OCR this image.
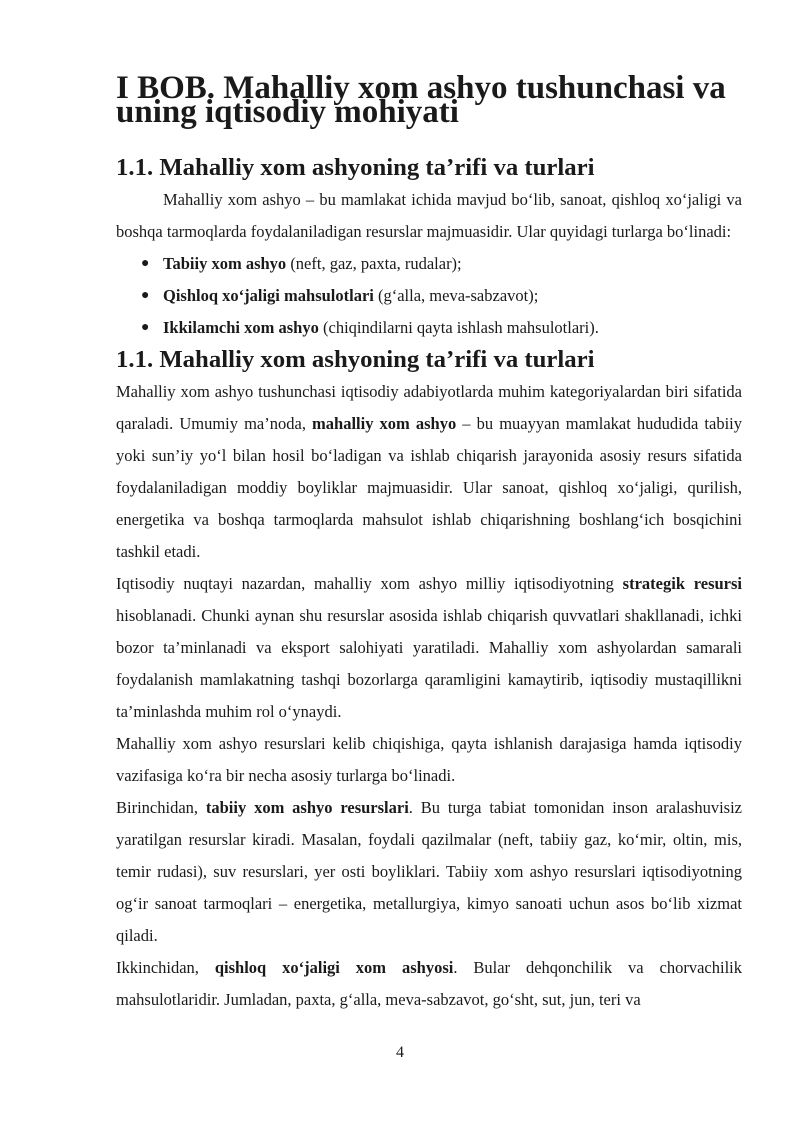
I BOB. Mahalliy xom ashyo tushunchasi va uning iqtisodiy mohiyati
1.1. Mahalliy xom ashyoning ta’rifi va turlari

Mahalliy xom ashyo – bu mamlakat ichida mavjud bo‘lib, sanoat, qishloq xo‘jaligi va boshqa tarmoqlarda foydalaniladigan resurslar majmuasidir. Ular quyidagi turlarga bo‘linadi:

● Tabiiy xom ashyo (neft, gaz, paxta, rudalar);
● Qishloq xo‘jaligi mahsulotlari (g‘alla, meva-sabzavot);
● Ikkilamchi xom ashyo (chiqindilarni qayta ishlash mahsulotlari).
1.1. Mahalliy xom ashyoning ta’rifi va turlari

Mahalliy xom ashyo tushunchasi iqtisodiy adabiyotlarda muhim kategoriyalardan biri sifatida qaraladi. Umumiy ma’noda, mahalliy xom ashyo – bu muayyan mamlakat hududida tabiiy yoki sun’iy yo‘l bilan hosil bo‘ladigan va ishlab chiqarish jarayonida asosiy resurs sifatida foydalaniladigan moddiy boyliklar majmuasidir. Ular sanoat, qishloq xo‘jaligi, qurilish, energetika va boshqa tarmoqlarda mahsulot ishlab chiqarishning boshlang‘ich bosqichini tashkil etadi.

Iqtisodiy nuqtayi nazardan, mahalliy xom ashyo milliy iqtisodiyotning strategik resursi hisoblanadi. Chunki aynan shu resurslar asosida ishlab chiqarish quvvatlari shakllanadi, ichki bozor ta’minlanadi va eksport salohiyati yaratiladi. Mahalliy xom ashyolardan samarali foydalanish mamlakatning tashqi bozorlarga qaramligini kamaytirib, iqtisodiy mustaqillikni ta’minlashda muhim rol o‘ynaydi.

Mahalliy xom ashyo resurslari kelib chiqishiga, qayta ishlanish darajasiga hamda iqtisodiy vazifasiga ko‘ra bir necha asosiy turlarga bo‘linadi.

Birinchidan, tabiiy xom ashyo resurslari. Bu turga tabiat tomonidan inson aralashuvisiz yaratilgan resurslar kiradi. Masalan, foydali qazilmalar (neft, tabiiy gaz, ko‘mir, oltin, mis, temir rudasi), suv resurslari, yer osti boyliklari. Tabiiy xom ashyo resurslari iqtisodiyotning og‘ir sanoat tarmoqlari – energetika, metallurgiya, kimyo sanoati uchun asos bo‘lib xizmat qiladi.

Ikkinchidan, qishloq xo‘jaligi xom ashyosi. Bular dehqonchilik va chorvachilik mahsulotlaridir. Jumladan, paxta, g‘alla, meva-sabzavot, go‘sht, sut, jun, teri va

4
